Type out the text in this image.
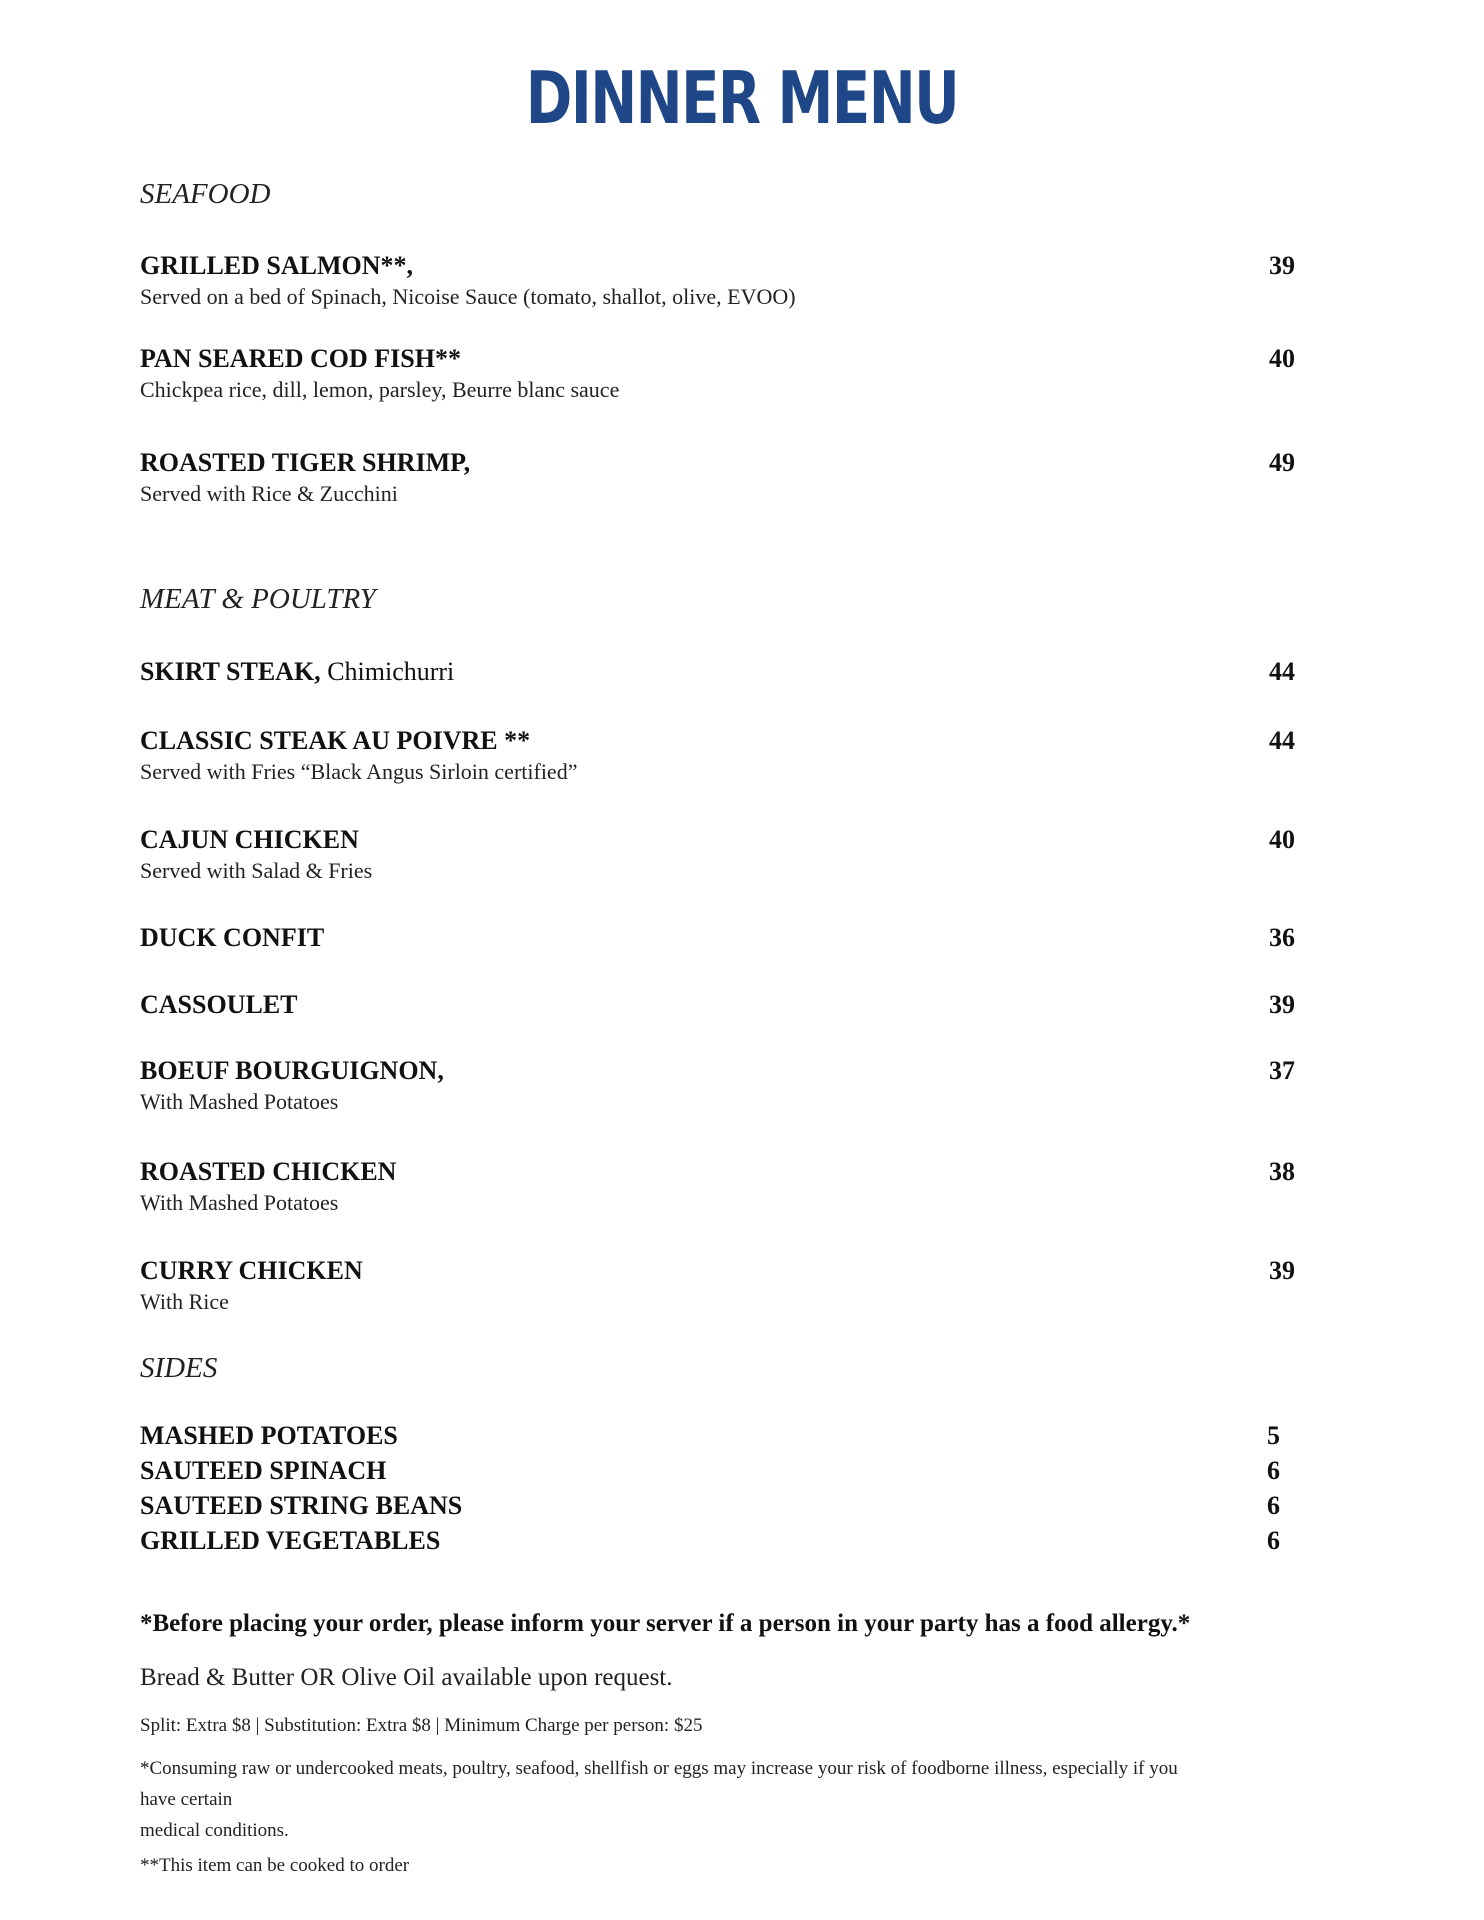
DINNER MENU
SEAFOOD
GRILLED SALMON**,	39
Served on a bed of Spinach, Nicoise Sauce (tomato, shallot, olive, EVOO)
PAN SEARED COD FISH**	40
Chickpea rice, dill, lemon, parsley, Beurre blanc sauce
ROASTED TIGER SHRIMP,	49
Served with Rice & Zucchini
MEAT & POULTRY
SKIRT STEAK, Chimichurri	44
CLASSIC STEAK AU POIVRE **	44
Served with Fries “Black Angus Sirloin certified”
CAJUN CHICKEN	40
Served with Salad & Fries
DUCK CONFIT	36
CASSOULET	39
BOEUF BOURGUIGNON,	37
With Mashed Potatoes
ROASTED CHICKEN	38
With Mashed Potatoes
CURRY CHICKEN	39
With Rice
SIDES
MASHED POTATOES	5
SAUTEED SPINACH	6
SAUTEED STRING BEANS	6
GRILLED VEGETABLES	6
*Before placing your order, please inform your server if a person in your party has a food allergy.*
Bread & Butter OR Olive Oil available upon request.
Split: Extra $8 | Substitution: Extra $8 | Minimum Charge per person: $25
*Consuming raw or undercooked meats, poultry, seafood, shellfish or eggs may increase your risk of foodborne illness, especially if you
have certain
medical conditions.
**This item can be cooked to order
